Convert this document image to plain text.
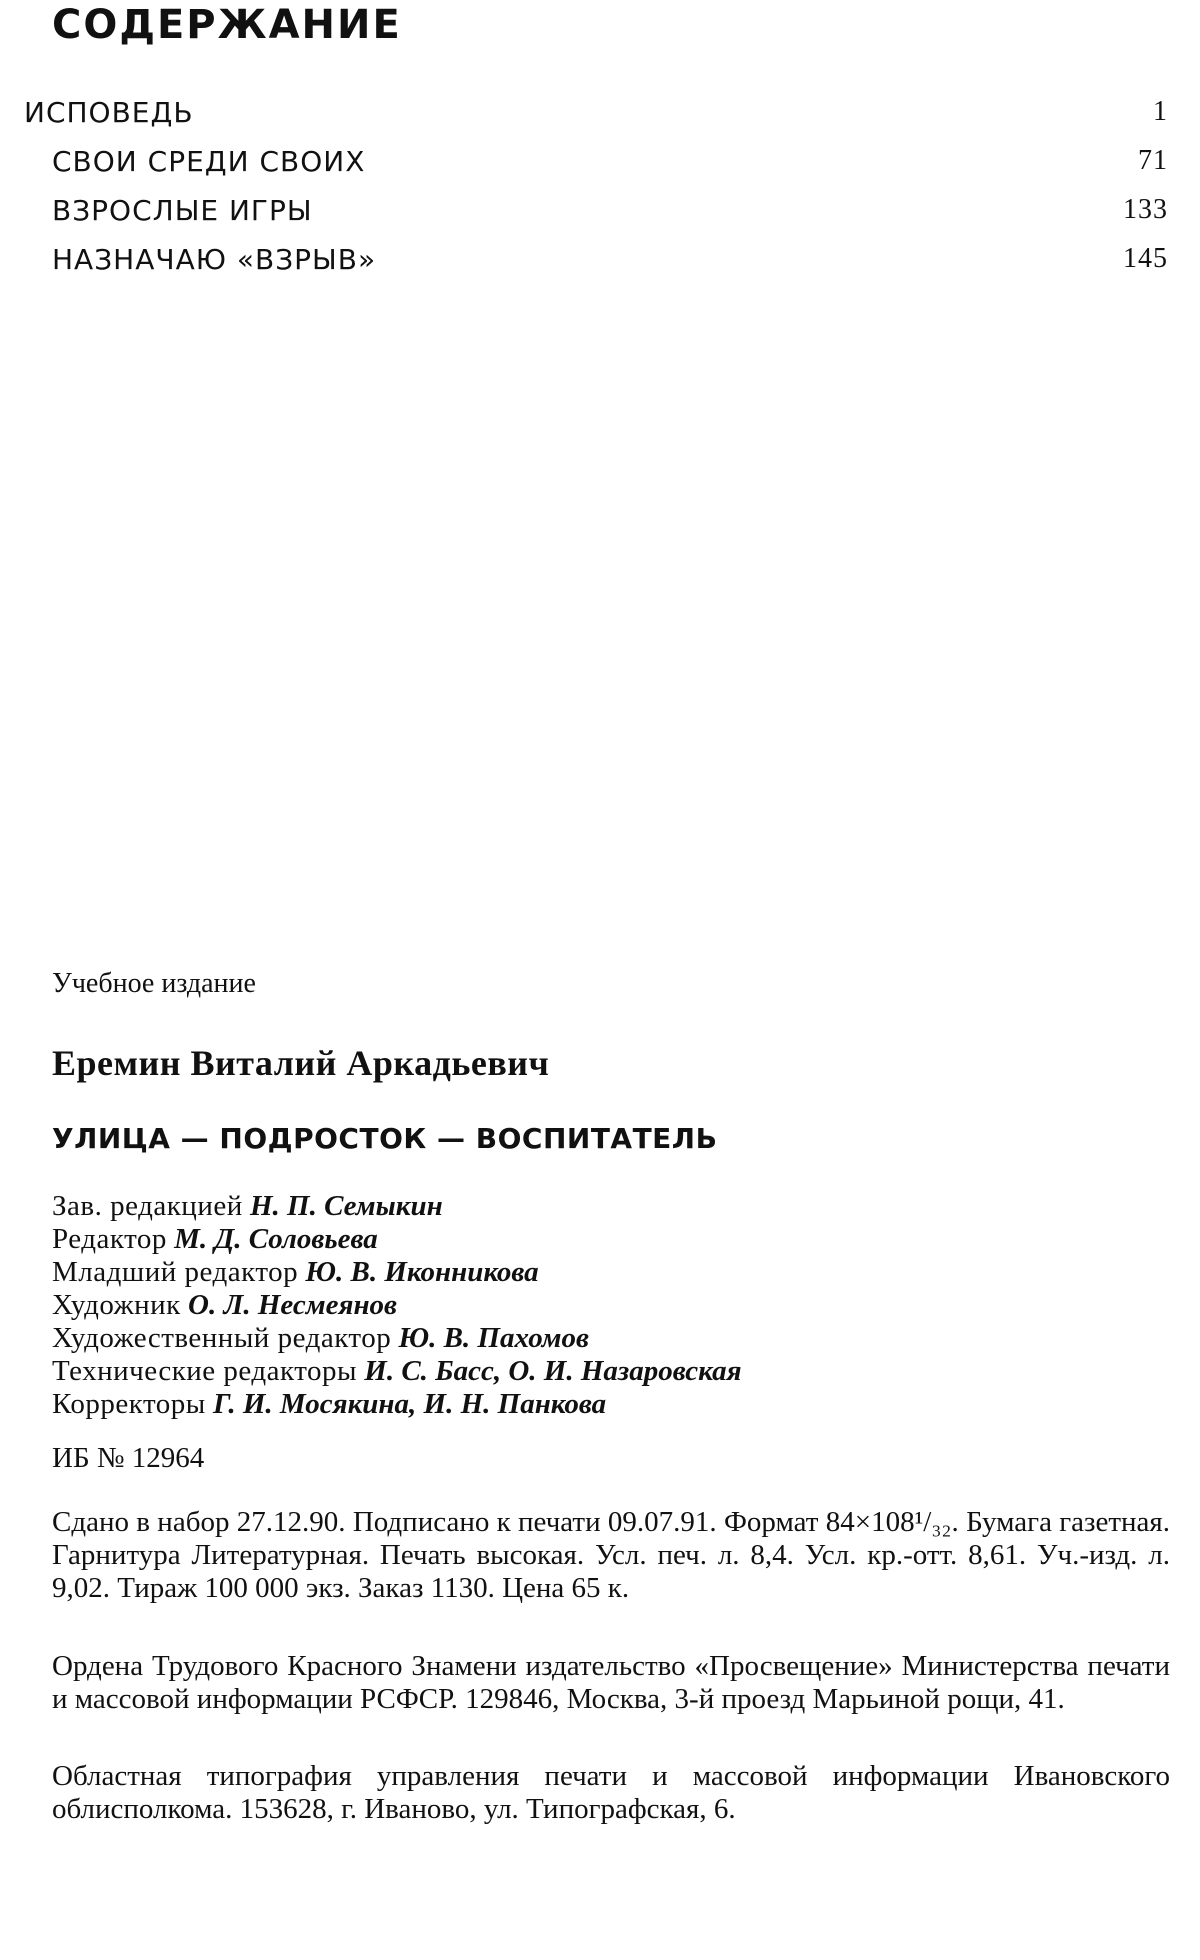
СОДЕРЖАНИЕ
ИСПОВЕДЬ	1
СВОИ СРЕДИ СВОИХ	71
ВЗРОСЛЫЕ ИГРЫ	133
НАЗНАЧАЮ «ВЗРЫВ»	145
Учебное издание
Еремин Виталий Аркадьевич
УЛИЦА — ПОДРОСТОК — ВОСПИТАТЕЛЬ
Зав. редакцией Н. П. Семыкин
Редактор М. Д. Соловьева
Младший редактор Ю. В. Иконникова
Художник О. Л. Несмеянов
Художественный редактор Ю. В. Пахомов
Технические редакторы И. С. Басс, О. И. Назаровская
Корректоры Г. И. Мосякина, И. Н. Панкова
ИБ № 12964
Сдано в набор 27.12.90. Подписано к печати 09.07.91. Формат 84×108¹/₃₂. Бумага газетная. Гарнитура Литературная. Печать высокая. Усл. печ. л. 8,4. Усл. кр.-отт. 8,61. Уч.-изд. л. 9,02. Тираж 100 000 экз. Заказ 1130. Цена 65 к.
Ордена Трудового Красного Знамени издательство «Просвещение» Министерства печати и массовой информации РСФСР. 129846, Москва, 3-й проезд Марьиной рощи, 41.
Областная типография управления печати и массовой информации Ивановского облисполкома. 153628, г. Иваново, ул. Типографская, 6.
